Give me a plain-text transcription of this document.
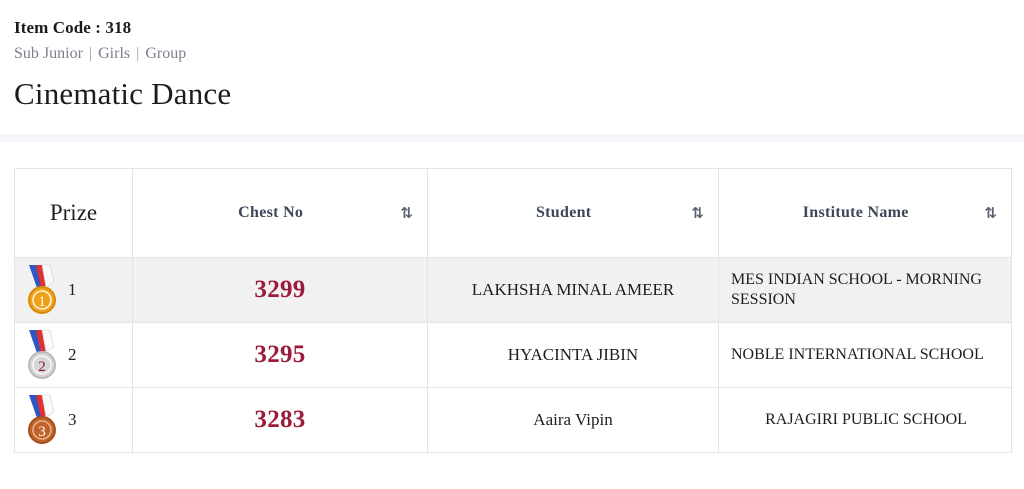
Item Code : 318
Sub Junior | Girls | Group
Cinematic Dance
Prize	Chest No ⇅	Student ⇅	Institute Name ⇅

1
1	3299	LAKHSHA MINAL AMEER	MES INDIAN SCHOOL - MORNING SESSION

2
2	3295	HYACINTA JIBIN	NOBLE INTERNATIONAL SCHOOL

3
3	3283	Aaira Vipin	RAJAGIRI PUBLIC SCHOOL
